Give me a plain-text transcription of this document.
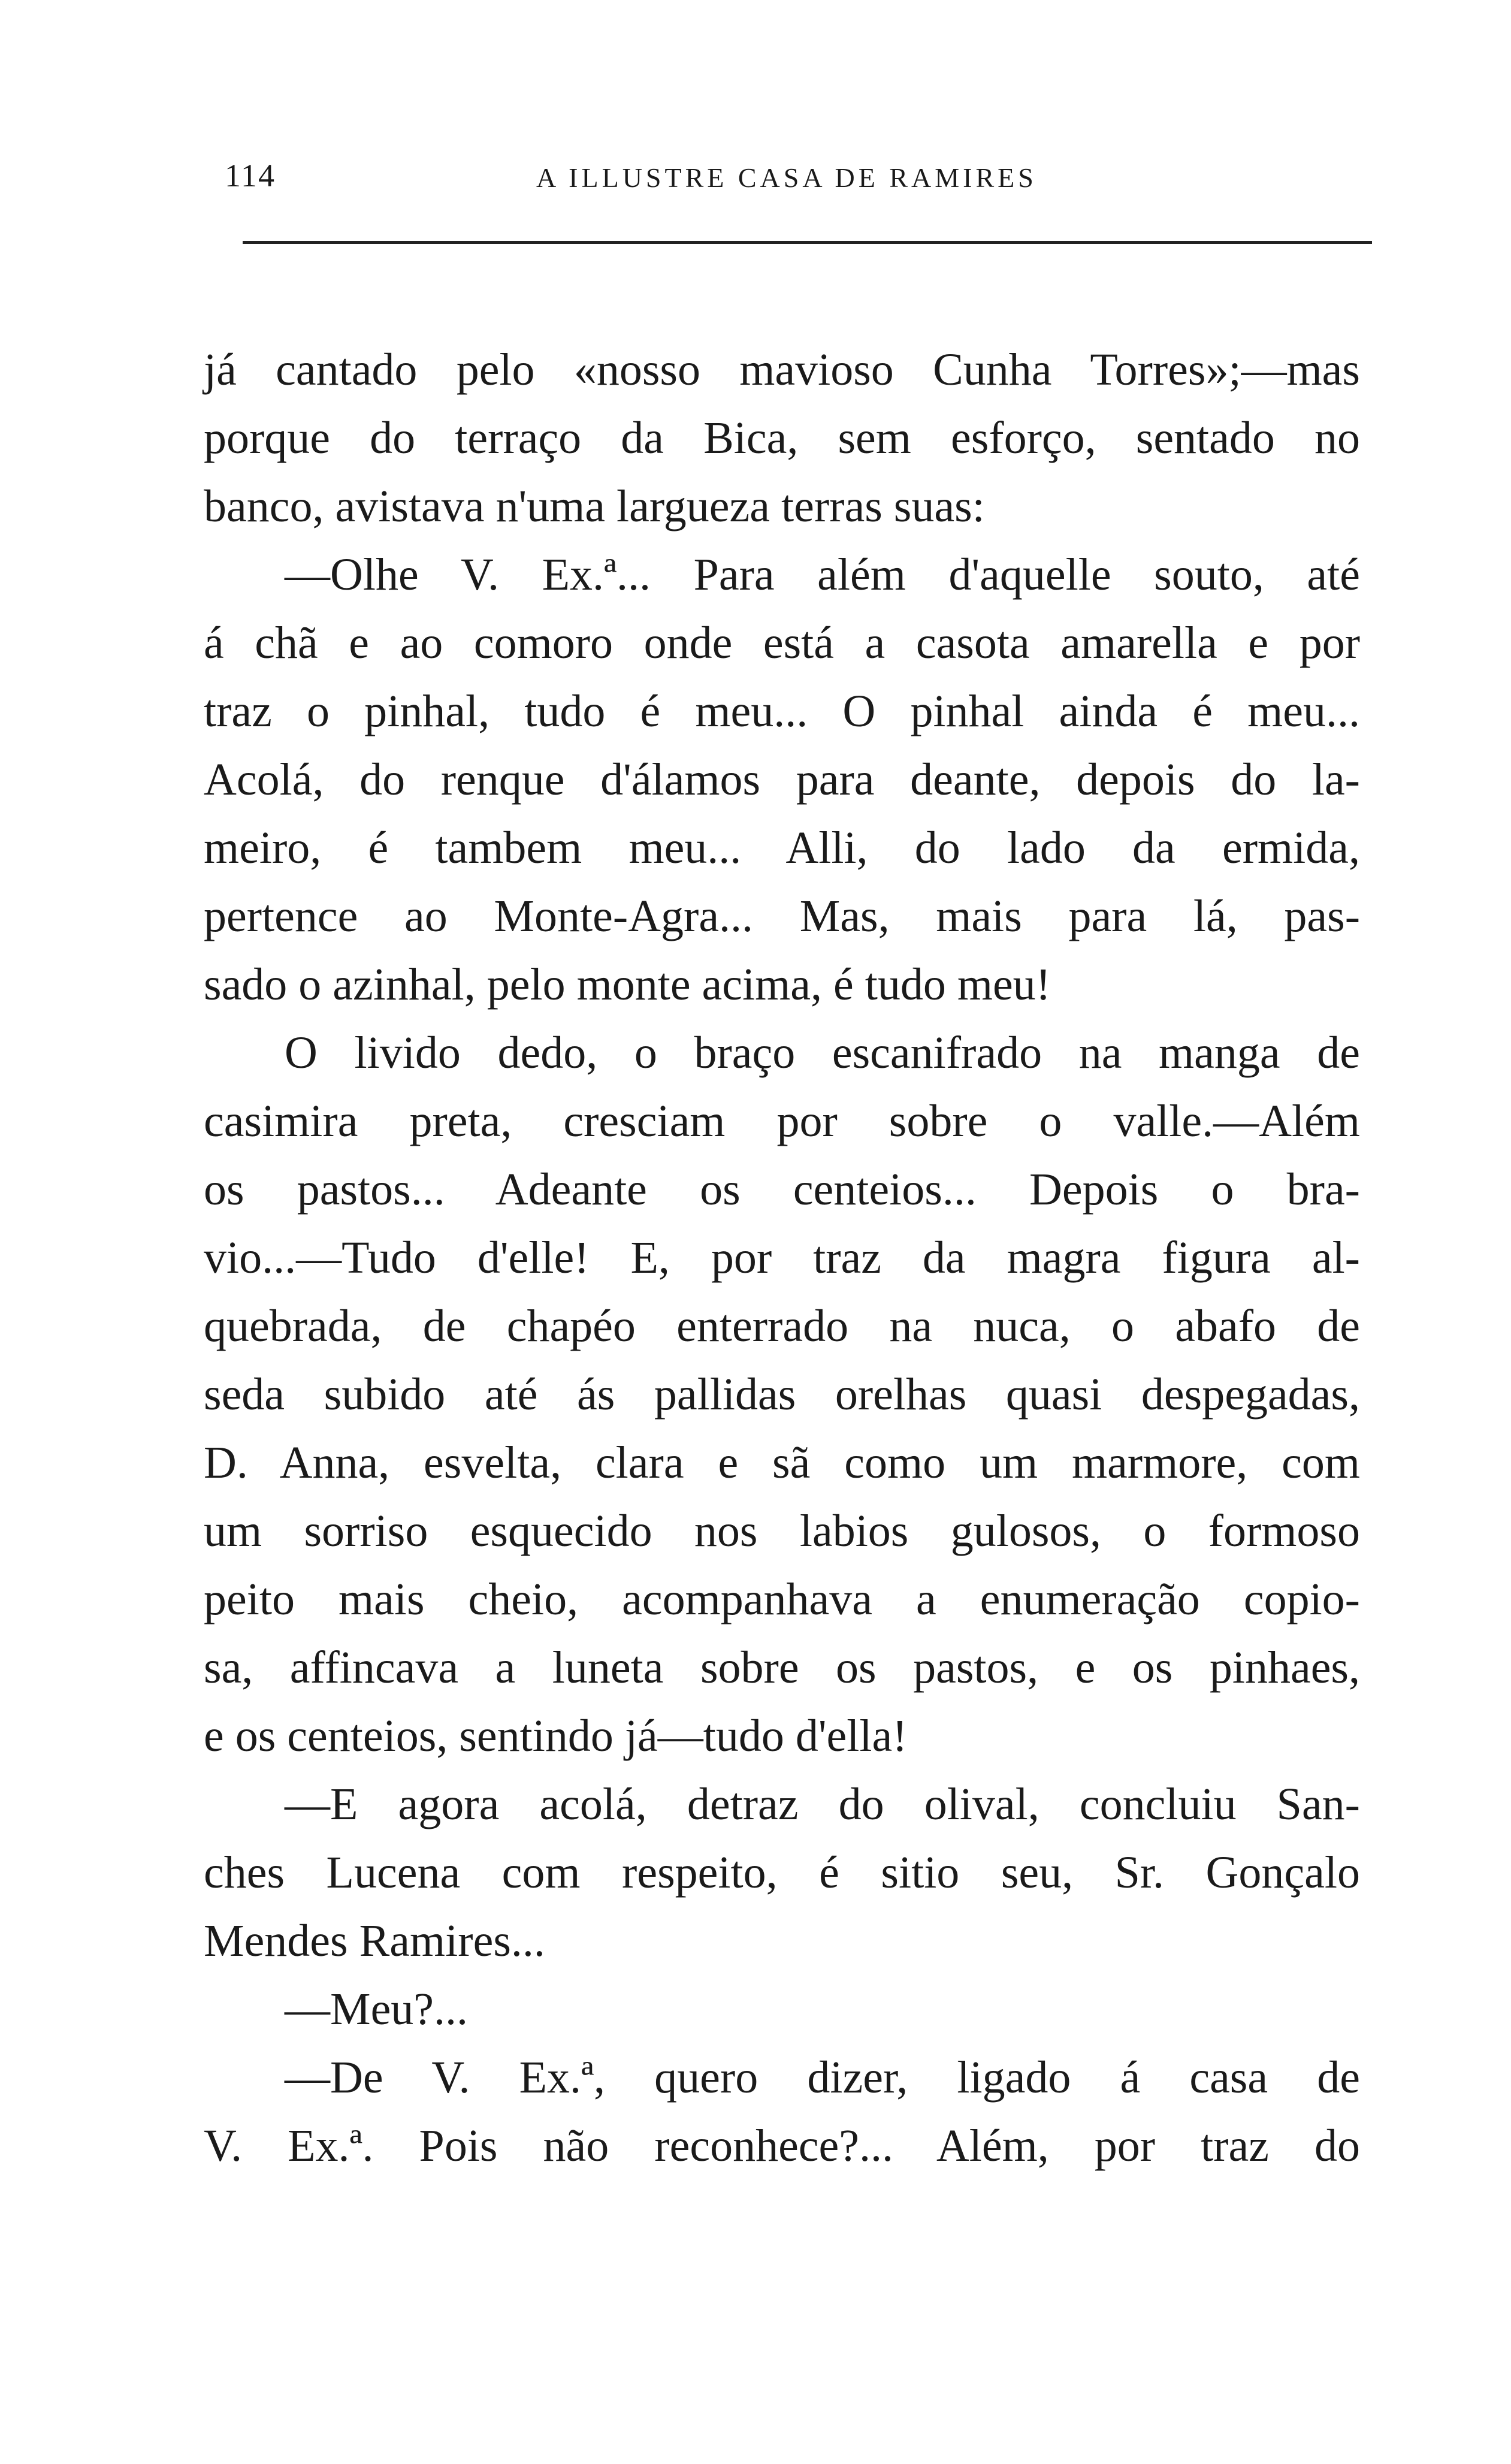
114	A ILLUSTRE CASA DE RAMIRES
já cantado pelo «nosso mavioso Cunha Torres»;—mas
porque do terraço da Bica, sem esforço, sentado no
banco, avistava n'uma largueza terras suas:
—Olhe V. Ex.ª... Para além d'aquelle souto, até
á chã e ao comoro onde está a casota amarella e por
traz o pinhal, tudo é meu... O pinhal ainda é meu...
Acolá, do renque d'álamos para deante, depois do la-
meiro, é tambem meu... Alli, do lado da ermida,
pertence ao Monte-Agra... Mas, mais para lá, pas-
sado o azinhal, pelo monte acima, é tudo meu!
O livido dedo, o braço escanifrado na manga de
casimira preta, cresciam por sobre o valle.—Além
os pastos... Adeante os centeios... Depois o bra-
vio...—Tudo d'elle! E, por traz da magra figura al-
quebrada, de chapéo enterrado na nuca, o abafo de
seda subido até ás pallidas orelhas quasi despegadas,
D. Anna, esvelta, clara e sã como um marmore, com
um sorriso esquecido nos labios gulosos, o formoso
peito mais cheio, acompanhava a enumeração copio-
sa, affincava a luneta sobre os pastos, e os pinhaes,
e os centeios, sentindo já—tudo d'ella!
—E agora acolá, detraz do olival, concluiu San-
ches Lucena com respeito, é sitio seu, Sr. Gonçalo
Mendes Ramires...
—Meu?...
—De V. Ex.ª, quero dizer, ligado á casa de
V. Ex.ª. Pois não reconhece?... Além, por traz do
